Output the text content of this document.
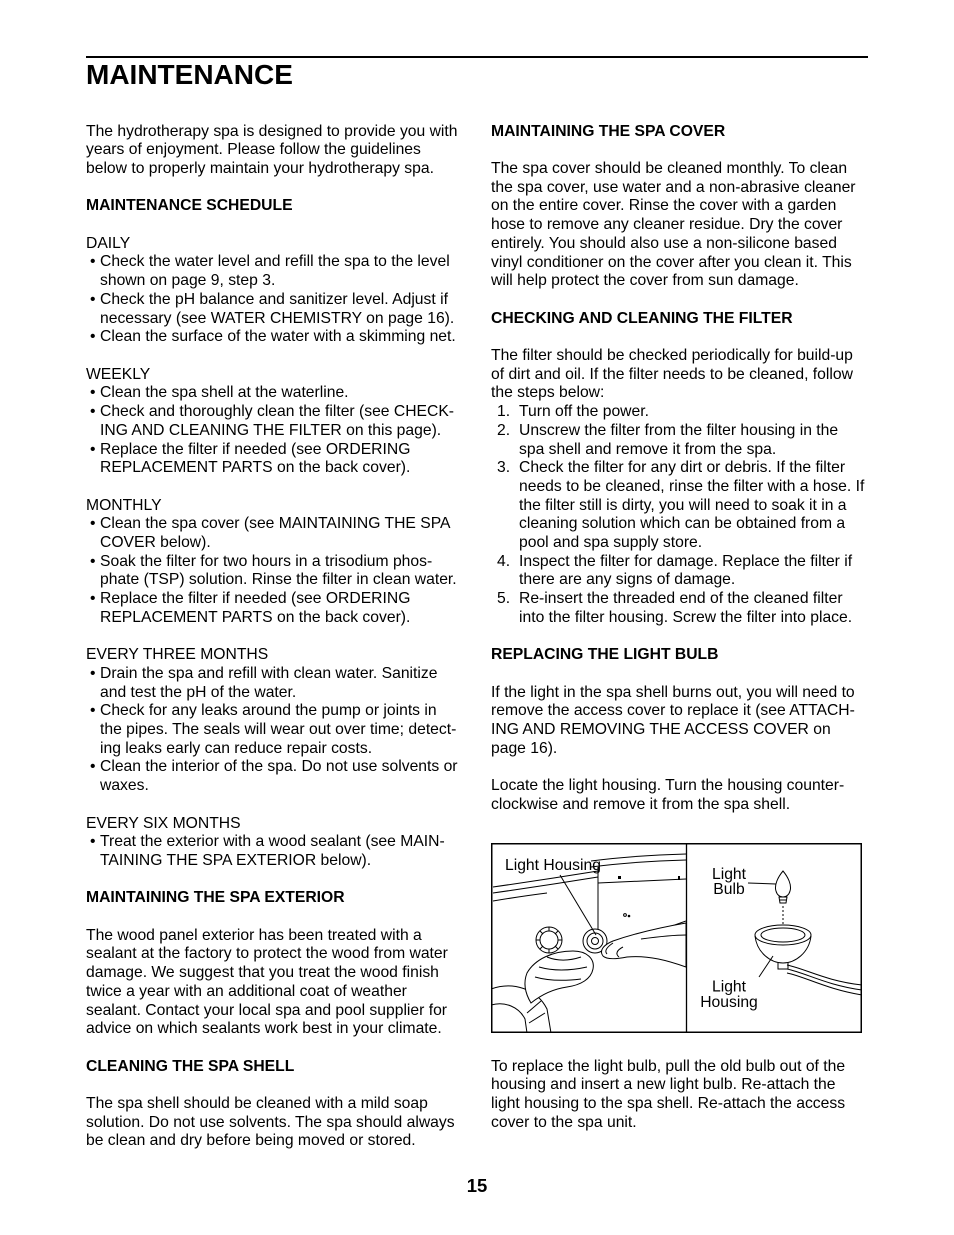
MAINTENANCE
The hydrotherapy spa is designed to provide you with
years of enjoyment. Please follow the guidelines
below to properly maintain your hydrotherapy spa.
MAINTENANCE SCHEDULE
DAILY
• Check the water level and refill the spa to the level
shown on page 9, step 3.
• Check the pH balance and sanitizer level. Adjust if
necessary (see WATER CHEMISTRY on page 16).
• Clean the surface of the water with a skimming net.
WEEKLY
• Clean the spa shell at the waterline.
• Check and thoroughly clean the filter (see CHECK-
ING AND CLEANING THE FILTER on this page).
• Replace the filter if needed (see ORDERING
REPLACEMENT PARTS on the back cover).
MONTHLY
• Clean the spa cover (see MAINTAINING THE SPA
COVER below).
• Soak the filter for two hours in a trisodium phos-
phate (TSP) solution. Rinse the filter in clean water.
• Replace the filter if needed (see ORDERING
REPLACEMENT PARTS on the back cover).
EVERY THREE MONTHS
• Drain the spa and refill with clean water. Sanitize
and test the pH of the water.
• Check for any leaks around the pump or joints in
the pipes. The seals will wear out over time; detect-
ing leaks early can reduce repair costs.
• Clean the interior of the spa. Do not use solvents or
waxes.
EVERY SIX MONTHS
• Treat the exterior with a wood sealant (see MAIN-
TAINING THE SPA EXTERIOR below).
MAINTAINING THE SPA EXTERIOR
The wood panel exterior has been treated with a
sealant at the factory to protect the wood from water
damage. We suggest that you treat the wood finish
twice a year with an additional coat of weather
sealant. Contact your local spa and pool supplier for
advice on which sealants work best in your climate.
CLEANING THE SPA SHELL
The spa shell should be cleaned with a mild soap
solution. Do not use solvents. The spa should always
be clean and dry before being moved or stored.
MAINTAINING THE SPA COVER
The spa cover should be cleaned monthly. To clean
the spa cover, use water and a non-abrasive cleaner
on the entire cover. Rinse the cover with a garden
hose to remove any cleaner residue. Dry the cover
entirely. You should also use a non-silicone based
vinyl conditioner on the cover after you clean it. This
will help protect the cover from sun damage.
CHECKING AND CLEANING THE FILTER
The filter should be checked periodically for build-up
of dirt and oil. If the filter needs to be cleaned, follow
the steps below:
1. Turn off the power.
2. Unscrew the filter from the filter housing in the
spa shell and remove it from the spa.
3. Check the filter for any dirt or debris. If the filter
needs to be cleaned, rinse the filter with a hose. If
the filter still is dirty, you will need to soak it in a
cleaning solution which can be obtained from a
pool and spa supply store.
4. Inspect the filter for damage. Replace the filter if
there are any signs of damage.
5. Re-insert the threaded end of the cleaned filter
into the filter housing. Screw the filter into place.
REPLACING THE LIGHT BULB
If the light in the spa shell burns out, you will need to
remove the access cover to replace it (see ATTACH-
ING AND REMOVING THE ACCESS COVER on
page 16).
Locate the light housing. Turn the housing counter-
clockwise and remove it from the spa shell.
Light Housing
Light
Bulb
Light
Housing
To replace the light bulb, pull the old bulb out of the
housing and insert a new light bulb. Re-attach the
light housing to the spa shell. Re-attach the access
cover to the spa unit.
15
